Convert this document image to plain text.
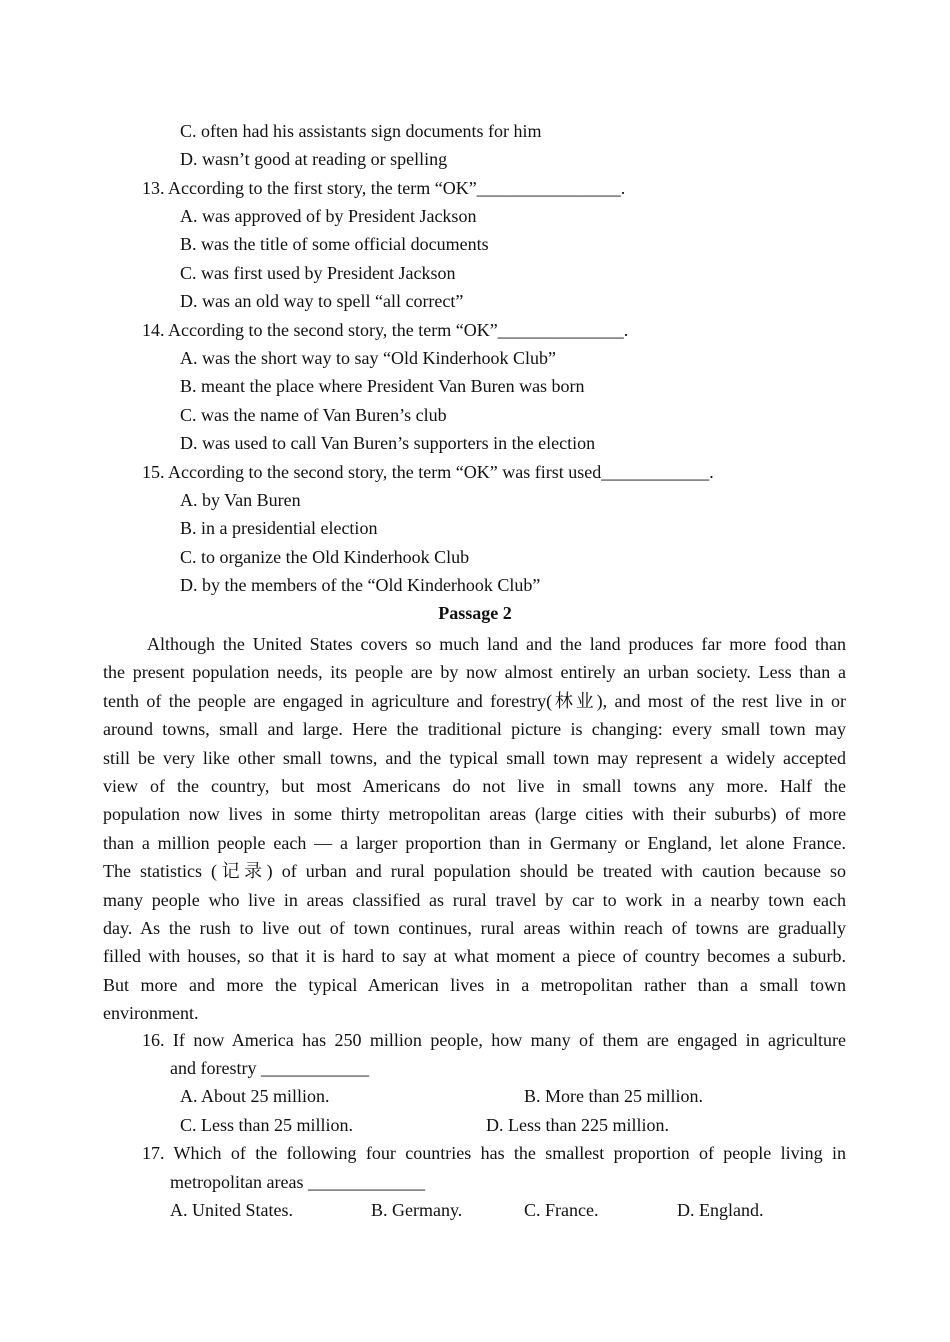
C. often had his assistants sign documents for him
D. wasn’t good at reading or spelling
13. According to the first story, the term “OK”________________.
A. was approved of by President Jackson
B. was the title of some official documents
C. was first used by President Jackson
D. was an old way to spell “all correct”
14. According to the second story, the term “OK”______________.
A. was the short way to say “Old Kinderhook Club”
B. meant the place where President Van Buren was born
C. was the name of Van Buren’s club
D. was used to call Van Buren’s supporters in the election
15. According to the second story, the term “OK” was first used____________.
A. by Van Buren
B. in a presidential election
C. to organize the Old Kinderhook Club
D. by the members of the “Old Kinderhook Club”
Passage 2
Although the United States covers so much land and the land produces far more food than
the present population needs, its people are by now almost entirely an urban society. Less than a
tenth of the people are engaged in agriculture and forestry(林业), and most of the rest live in or
around towns, small and large. Here the traditional picture is changing: every small town may
still be very like other small towns, and the typical small town may represent a widely accepted
view of the country, but most Americans do not live in small towns any more. Half the
population now lives in some thirty metropolitan areas (large cities with their suburbs) of more
than a million people each — a larger proportion than in Germany or England, let alone France.
The statistics (记录) of urban and rural population should be treated with caution because so
many people who live in areas classified as rural travel by car to work in a nearby town each
day. As the rush to live out of town continues, rural areas within reach of towns are gradually
filled with houses, so that it is hard to say at what moment a piece of country becomes a suburb.
But more and more the typical American lives in a metropolitan rather than a small town
environment.
16. If now America has 250 million people, how many of them are engaged in agriculture
and forestry ____________
A. About 25 million.	B. More than 25 million.
C. Less than 25 million.	D. Less than 225 million.
17. Which of the following four countries has the smallest proportion of people living in
metropolitan areas _____________
A. United States.	B. Germany.	C. France.	D. England.
